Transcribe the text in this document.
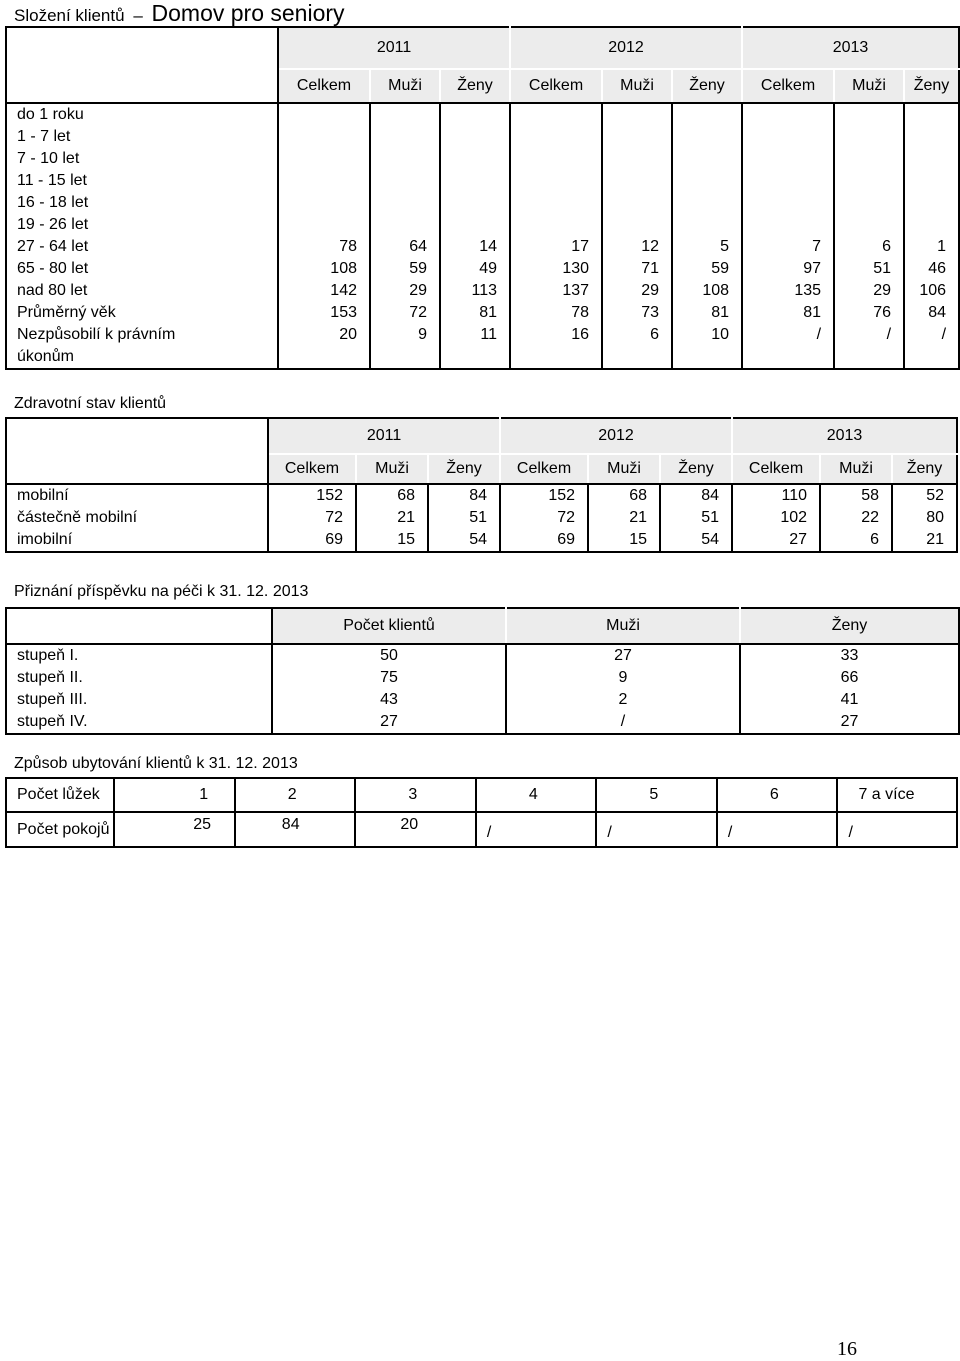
Složení klientů – Domov pro seniory
	2011			2012			2013		
	Celkem	Muži	Ženy	Celkem	Muži	Ženy	Celkem	Muži	Ženy
do 1 roku									
1 - 7 let									
7 - 10 let									
11 - 15 let									
16 - 18 let									
19 - 26 let									
27 - 64 let	78	64	14	17	12	5	7	6	1
65 - 80 let	108	59	49	130	71	59	97	51	46
nad 80 let	142	29	113	137	29	108	135	29	106
Průměrný věk	153	72	81	78	73	81	81	76	84
Nezpůsobilí k právním úkonům	20	9	11	16	6	10	/	/	/
Zdravotní stav klientů
	2011			2012			2013		
	Celkem	Muži	Ženy	Celkem	Muži	Ženy	Celkem	Muži	Ženy
mobilní	152	68	84	152	68	84	110	58	52
částečně mobilní	72	21	51	72	21	51	102	22	80
imobilní	69	15	54	69	15	54	27	6	21
Přiznání příspěvku na péči k 31. 12. 2013
	Počet klientů	Muži	Ženy
stupeň I.	50	27	33
stupeň II.	75	9	66
stupeň III.	43	2	41
stupeň IV.	27	/	27
Způsob ubytování klientů k 31. 12. 2013
Počet lůžek	1	2	3	4	5	6	7 a více
Počet pokojů	25	84	20	/	/	/	/
16
